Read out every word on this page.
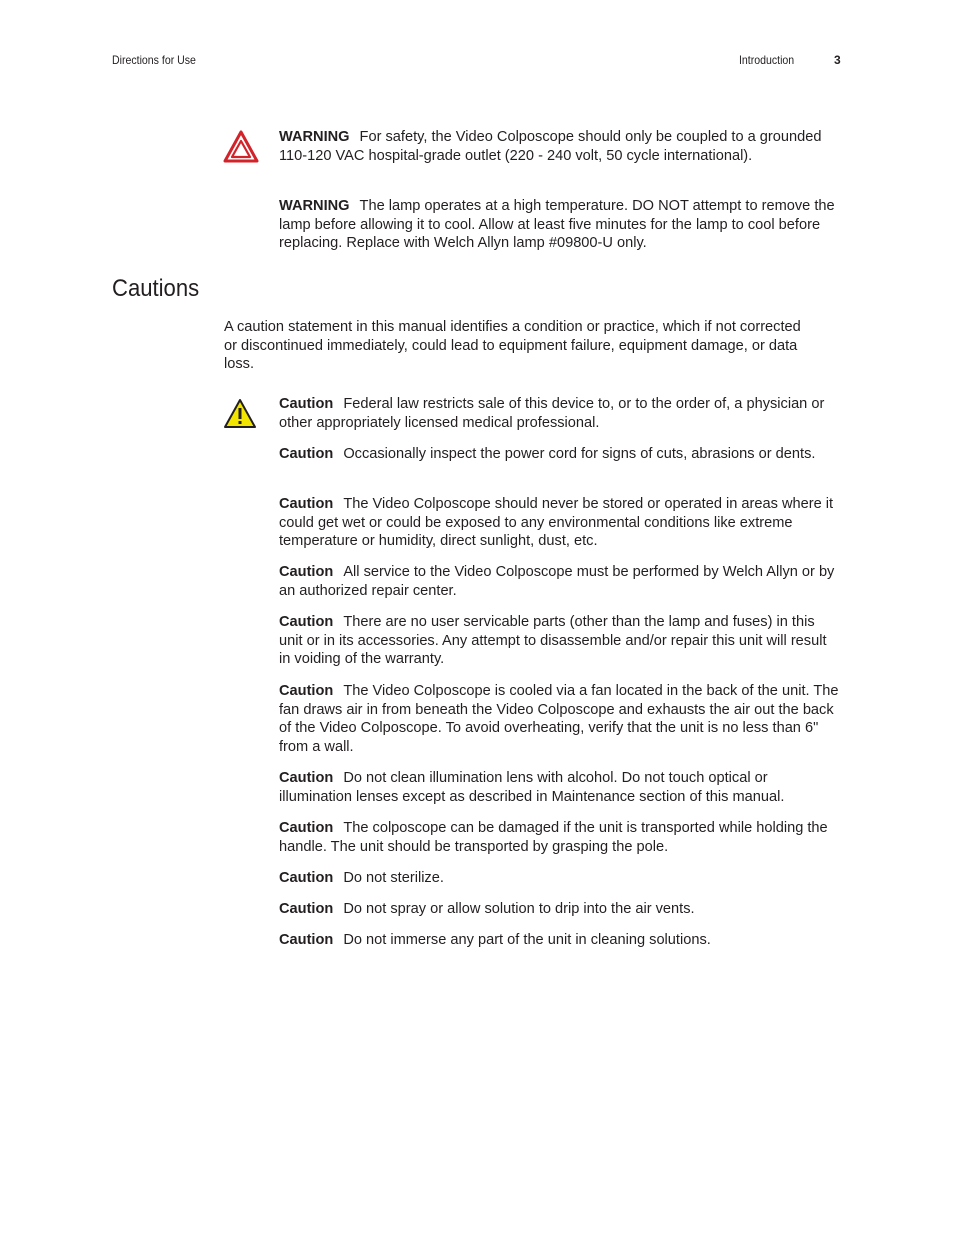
Directions for Use	Introduction	3
WARNING For safety, the Video Colposcope should only be coupled to a grounded 110-120 VAC hospital-grade outlet (220 - 240 volt, 50 cycle international).
WARNING The lamp operates at a high temperature. DO NOT attempt to remove the lamp before allowing it to cool. Allow at least five minutes for the lamp to cool before replacing. Replace with Welch Allyn lamp #09800-U only.
Cautions
A caution statement in this manual identifies a condition or practice, which if not corrected or discontinued immediately, could lead to equipment failure, equipment damage, or data loss.
Caution Federal law restricts sale of this device to, or to the order of, a physician or other appropriately licensed medical professional.
Caution Occasionally inspect the power cord for signs of cuts, abrasions or dents.
Caution The Video Colposcope should never be stored or operated in areas where it could get wet or could be exposed to any environmental conditions like extreme temperature or humidity, direct sunlight, dust, etc.
Caution All service to the Video Colposcope must be performed by Welch Allyn or by an authorized repair center.
Caution There are no user servicable parts (other than the lamp and fuses) in this unit or in its accessories. Any attempt to disassemble and/or repair this unit will result in voiding of the warranty.
Caution The Video Colposcope is cooled via a fan located in the back of the unit. The fan draws air in from beneath the Video Colposcope and exhausts the air out the back of the Video Colposcope. To avoid overheating, verify that the unit is no less than 6" from a wall.
Caution Do not clean illumination lens with alcohol. Do not touch optical or illumination lenses except as described in Maintenance section of this manual.
Caution The colposcope can be damaged if the unit is transported while holding the handle. The unit should be transported by grasping the pole.
Caution Do not sterilize.
Caution Do not spray or allow solution to drip into the air vents.
Caution Do not immerse any part of the unit in cleaning solutions.
